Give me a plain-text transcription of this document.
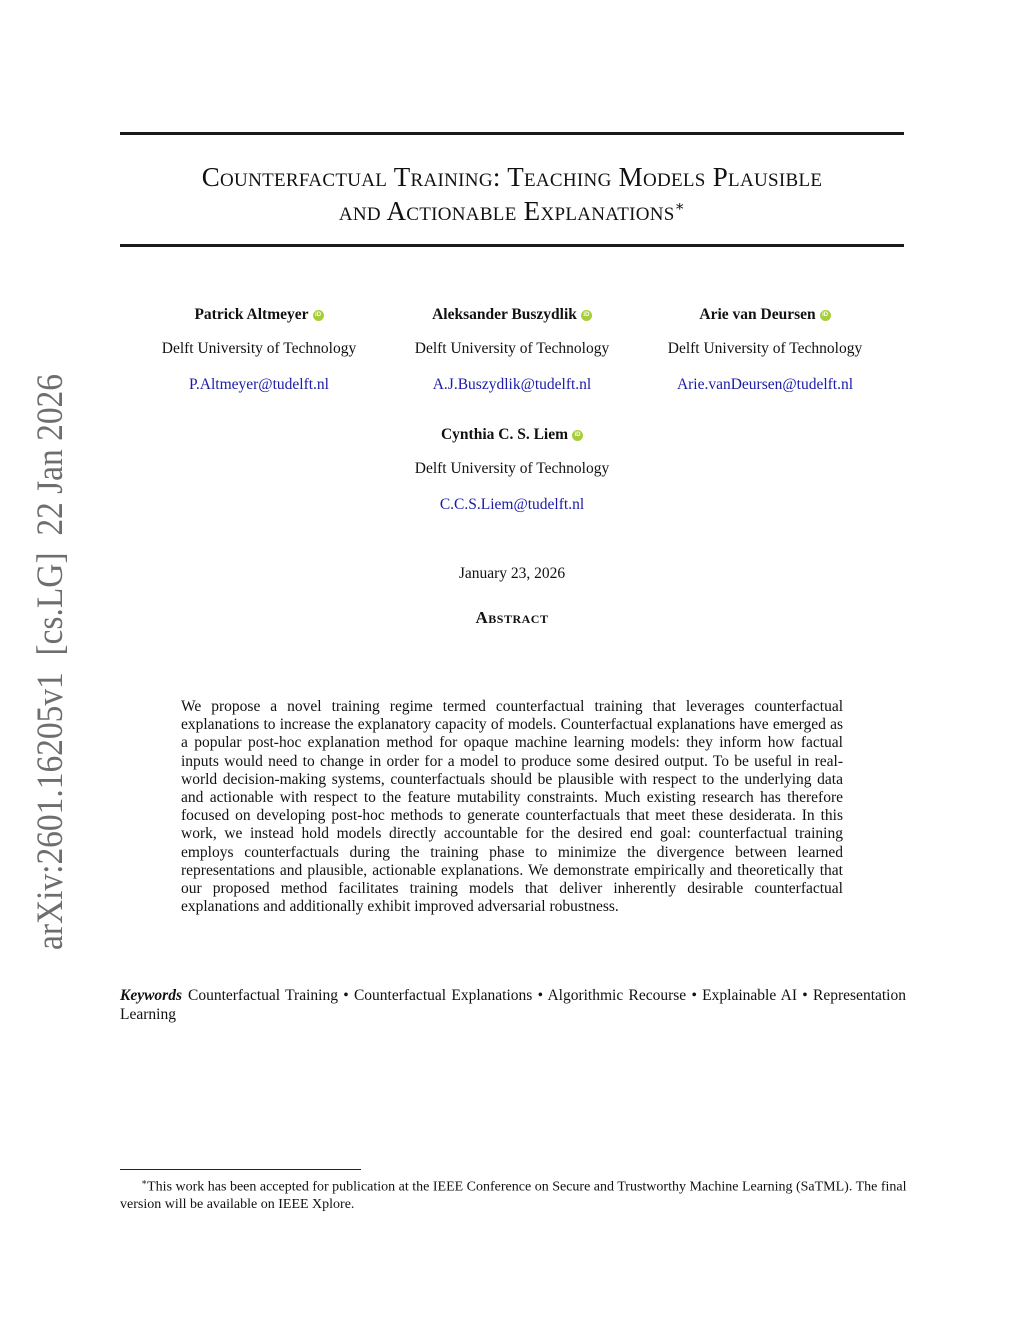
arXiv:2601.16205v1  [cs.LG]  22 Jan 2026
Counterfactual Training: Teaching Models Plausible
and Actionable Explanations∗
Patrick Altmeyer
iD
Delft University of Technology
P.Altmeyer@tudelft.nl
Aleksander Buszydlik
iD
Delft University of Technology
A.J.Buszydlik@tudelft.nl
Arie van Deursen
iD
Delft University of Technology
Arie.vanDeursen@tudelft.nl
Cynthia C. S. Liem
iD
Delft University of Technology
C.C.S.Liem@tudelft.nl
January 23, 2026
Abstract

We propose a novel training regime termed counterfactual training that leverages counterfactual explanations to increase the explanatory capacity of models. Counterfactual explanations have emerged as a popular post-hoc explanation method for opaque machine learning models: they inform how factual inputs would need to change in order for a model to produce some desired output. To be useful in real-world decision-making systems, counterfactuals should be plausible with respect to the underlying data and actionable with respect to the feature mutability constraints. Much existing research has therefore focused on developing post-hoc methods to generate counterfactuals that meet these desiderata. In this work, we instead hold models directly accountable for the desired end goal: counterfactual training employs counterfactuals during the training phase to minimize the divergence between learned representations and plausible, actionable explanations. We demonstrate empirically and theoretically that our proposed method facilitates training models that deliver inherently desirable counterfactual explanations and additionally exhibit improved adversarial robustness.

Keywords Counterfactual Training • Counterfactual Explanations • Algorithmic Recourse • Explainable AI • Representation Learning

∗This work has been accepted for publication at the IEEE Conference on Secure and Trustworthy Machine Learning (SaTML). The final version will be available on IEEE Xplore.
